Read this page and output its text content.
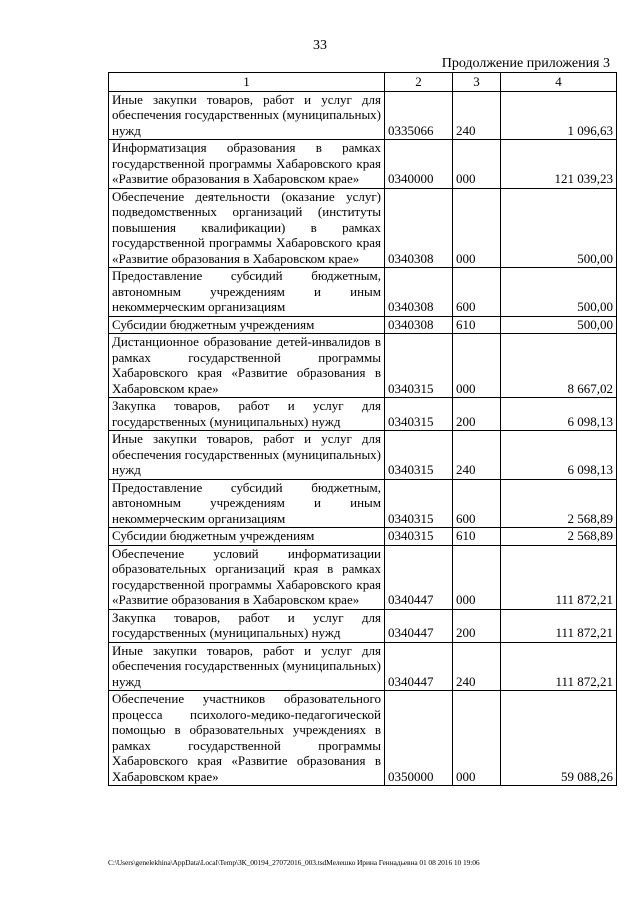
33
Продолжение приложения 3
1	2	3	4
Иные закупки товаров, работ и услуг для обеспечения государственных (муниципальных) нужд	0335066	240	1 096,63
Информатизация образования в рамках государственной программы Хабаровского края «Развитие образования в Хабаровском крае»	0340000	000	121 039,23
Обеспечение деятельности (оказание услуг) подведомственных организаций (институты повышения квалификации) в рамках государственной программы Хабаровского края «Развитие образования в Хабаровском крае»	0340308	000	500,00
Предоставление субсидий бюджетным, автономным учреждениям и иным некоммерческим организациям	0340308	600	500,00
Субсидии бюджетным учреждениям	0340308	610	500,00
Дистанционное образование детей-инвалидов в рамках государственной программы Хабаровского края «Развитие образования в Хабаровском крае»	0340315	000	8 667,02
Закупка товаров, работ и услуг для государственных (муниципальных) нужд	0340315	200	6 098,13
Иные закупки товаров, работ и услуг для обеспечения государственных (муниципальных) нужд	0340315	240	6 098,13
Предоставление субсидий бюджетным, автономным учреждениям и иным некоммерческим организациям	0340315	600	2 568,89
Субсидии бюджетным учреждениям	0340315	610	2 568,89
Обеспечение условий информатизации образовательных организаций края в рамках государственной программы Хабаровского края «Развитие образования в Хабаровском крае»	0340447	000	111 872,21
Закупка товаров, работ и услуг для государственных (муниципальных) нужд	0340447	200	111 872,21
Иные закупки товаров, работ и услуг для обеспечения государственных (муниципальных) нужд	0340447	240	111 872,21
Обеспечение участников образовательного процесса психолого-медико-педагогической помощью в образовательных учреждениях в рамках государственной программы Хабаровского края «Развитие образования в Хабаровском крае»	0350000	000	59 088,26
C:\Users\genelekhina\AppData\Local\Temp\ЗК_00194_27072016_003.tsdМелешко Ирина Геннадьевна 01 08 2016 10 19:06
